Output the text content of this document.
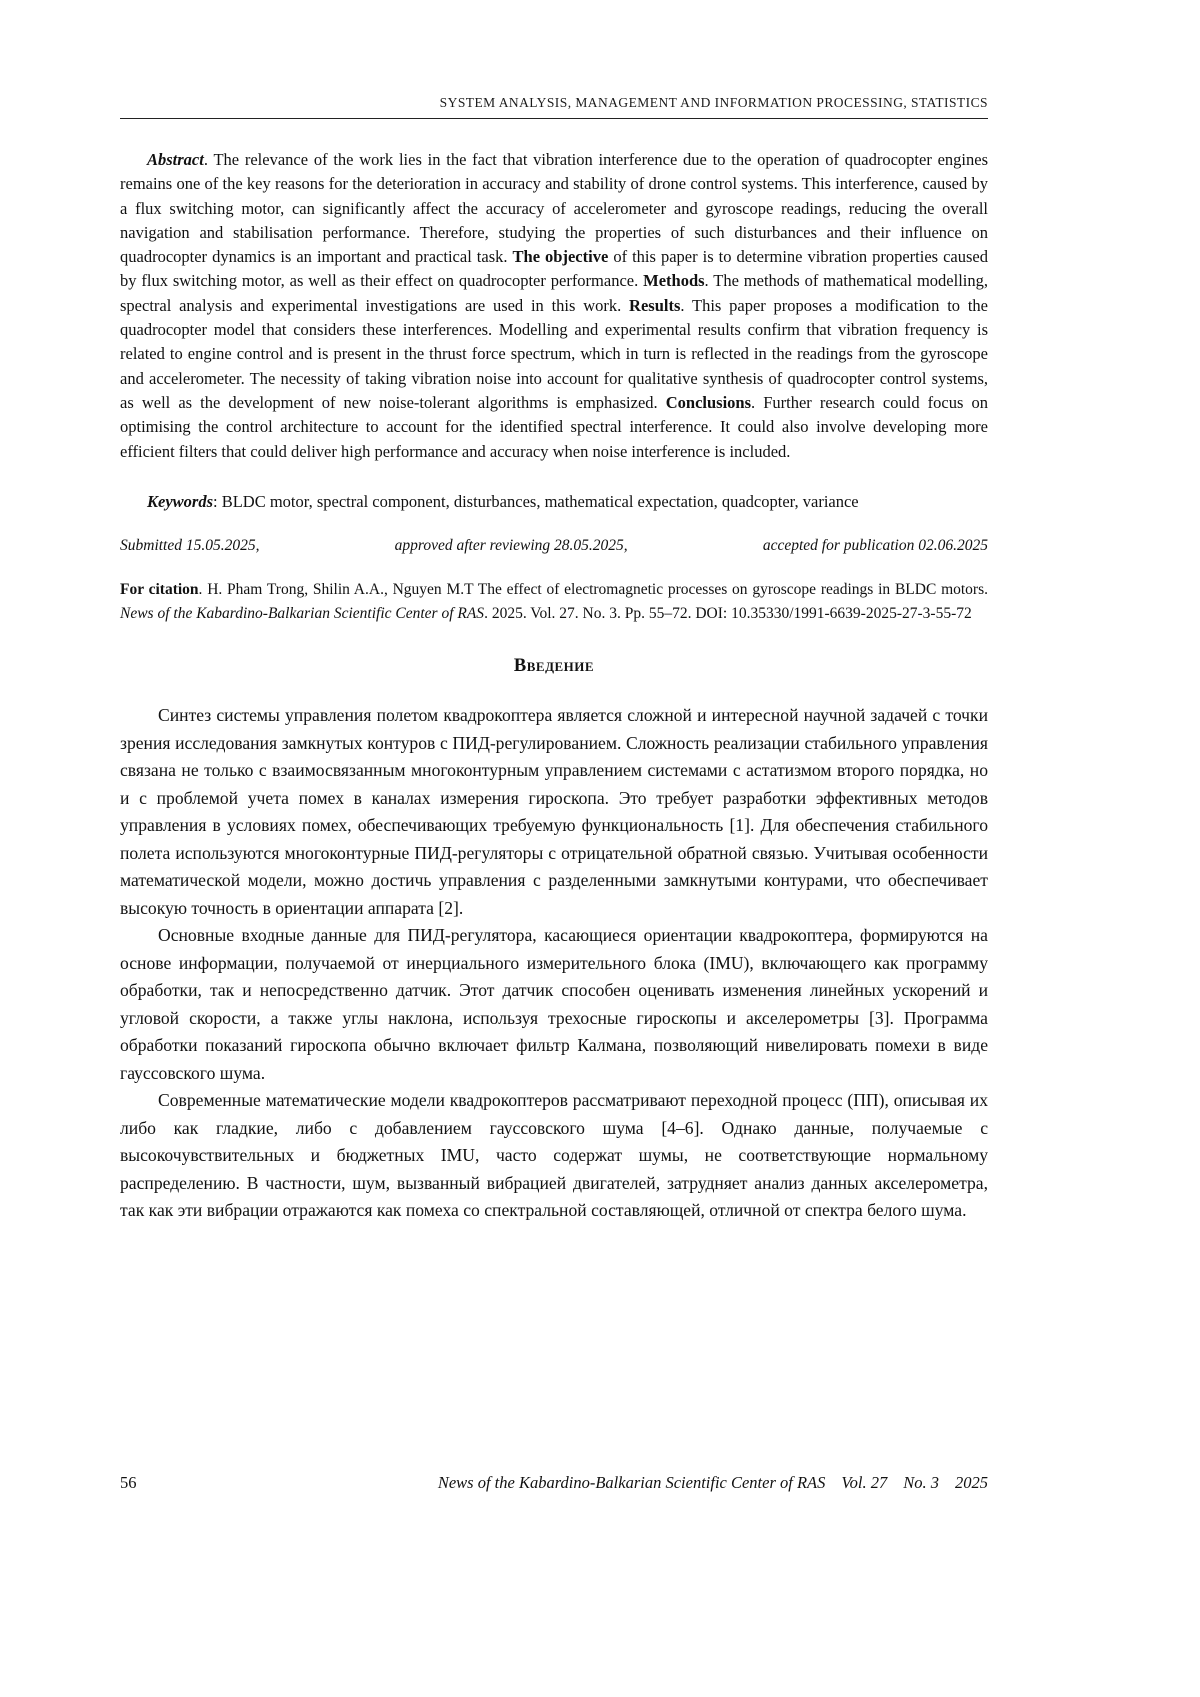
SYSTEM ANALYSIS, MANAGEMENT AND INFORMATION PROCESSING, STATISTICS

Abstract. The relevance of the work lies in the fact that vibration interference due to the operation of quadrocopter engines remains one of the key reasons for the deterioration in accuracy and stability of drone control systems. This interference, caused by a flux switching motor, can significantly affect the accuracy of accelerometer and gyroscope readings, reducing the overall navigation and stabilisation performance. Therefore, studying the properties of such disturbances and their influence on quadrocopter dynamics is an important and practical task. The objective of this paper is to determine vibration properties caused by flux switching motor, as well as their effect on quadrocopter performance. Methods. The methods of mathematical modelling, spectral analysis and experimental investigations are used in this work. Results. This paper proposes a modification to the quadrocopter model that considers these interferences. Modelling and experimental results confirm that vibration frequency is related to engine control and is present in the thrust force spectrum, which in turn is reflected in the readings from the gyroscope and accelerometer. The necessity of taking vibration noise into account for qualitative synthesis of quadrocopter control systems, as well as the development of new noise-tolerant algorithms is emphasized. Conclusions. Further research could focus on optimising the control architecture to account for the identified spectral interference. It could also involve developing more efficient filters that could deliver high performance and accuracy when noise interference is included.

Keywords: BLDC motor, spectral component, disturbances, mathematical expectation, quadcopter, variance

Submitted 15.05.2025,	approved after reviewing 28.05.2025,	accepted for publication 02.06.2025

For citation. H. Pham Trong, Shilin A.A., Nguyen M.T The effect of electromagnetic processes on gyroscope readings in BLDC motors. News of the Kabardino-Balkarian Scientific Center of RAS. 2025. Vol. 27. No. 3. Pp. 55–72. DOI: 10.35330/1991-6639-2025-27-3-55-72

Введение

Синтез системы управления полетом квадрокоптера является сложной и интересной научной задачей с точки зрения исследования замкнутых контуров с ПИД-регулированием. Сложность реализации стабильного управления связана не только с взаимосвязанным многоконтурным управлением системами с астатизмом второго порядка, но и с проблемой учета помех в каналах измерения гироскопа. Это требует разработки эффективных методов управления в условиях помех, обеспечивающих требуемую функциональность [1]. Для обеспечения стабильного полета используются многоконтурные ПИД-регуляторы с отрицательной обратной связью. Учитывая особенности математической модели, можно достичь управления с разделенными замкнутыми контурами, что обеспечивает высокую точность в ориентации аппарата [2].

Основные входные данные для ПИД-регулятора, касающиеся ориентации квадрокоптера, формируются на основе информации, получаемой от инерциального измерительного блока (IMU), включающего как программу обработки, так и непосредственно датчик. Этот датчик способен оценивать изменения линейных ускорений и угловой скорости, а также углы наклона, используя трехосные гироскопы и акселерометры [3]. Программа обработки показаний гироскопа обычно включает фильтр Калмана, позволяющий нивелировать помехи в виде гауссовского шума.

Современные математические модели квадрокоптеров рассматривают переходной процесс (ПП), описывая их либо как гладкие, либо с добавлением гауссовского шума [4–6]. Однако данные, получаемые с высокочувствительных и бюджетных IMU, часто содержат шумы, не соответствующие нормальному распределению. В частности, шум, вызванный вибрацией двигателей, затрудняет анализ данных акселерометра, так как эти вибрации отражаются как помеха со спектральной составляющей, отличной от спектра белого шума.

56	News of the Kabardino-Balkarian Scientific Center of RAS Vol. 27 No. 3 2025
